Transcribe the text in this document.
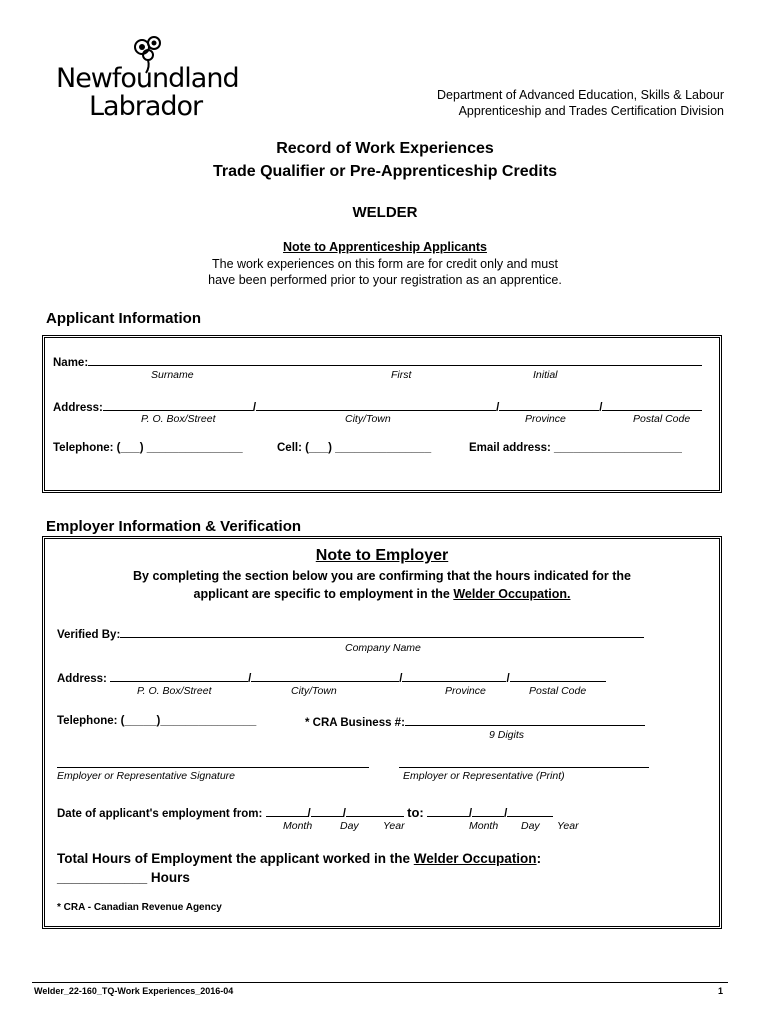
Newfoundland
Labrador	Department of Advanced Education, Skills & Labour
Apprenticeship and Trades Certification Division
Record of Work Experiences
Trade Qualifier or Pre-Apprenticeship Credits
WELDER
Note to Apprenticeship Applicants
The work experiences on this form are for credit only and must
have been performed prior to your registration as an apprentice.
Applicant Information
Name:
Surname	First	Initial
Address:	/	/	/
P. O. Box/Street	City/Town	Province	Postal Code
Telephone: (___) _______________	Cell: (___) _______________	Email address: ____________________
Employer Information & Verification
Note to Employer
By completing the section below you are confirming that the hours indicated for the
applicant are specific to employment in the Welder Occupation.
Verified By:
Company Name
Address:	/	/	/
P. O. Box/Street	City/Town	Province	Postal Code
Telephone: (_____)_______________	* CRA Business #:
9 Digits
Employer or Representative Signature	Employer or Representative (Print)
Date of applicant's employment from:	/	/	to:	/	/
Month	Day Year	Month Day Year
Total Hours of Employment the applicant worked in the Welder Occupation:
____________ Hours
* CRA - Canadian Revenue Agency
Welder_22-160_TQ-Work Experiences_2016-04	1
